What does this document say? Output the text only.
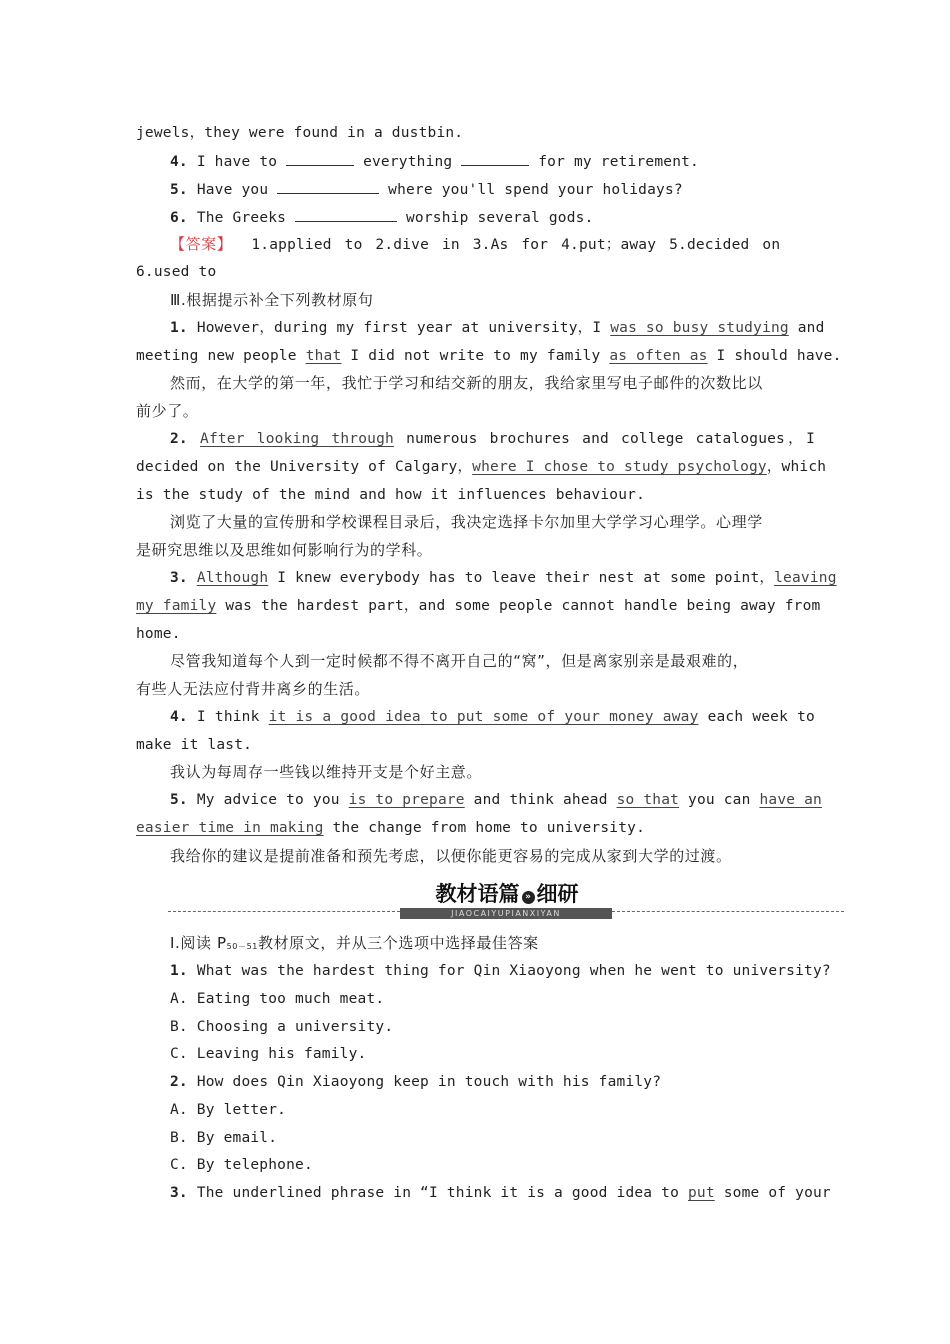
jewels，they were found in a dustbin.
4. I have to	everything	for my retirement.
5. Have you	where you'll spend your holidays?
6. The Greeks	worship several gods.
【答案】 1.applied to 2.dive in 3.As for 4.put；away 5.decided on
6.used to
Ⅲ.根据提示补全下列教材原句
1. However，during my first year at university，I was so busy studying and
meeting new people that I did not write to my family as often as I should have.
然而，在大学的第一年，我忙于学习和结交新的朋友，我给家里写电子邮件的次数比以
前少了。
2. After looking through numerous brochures and college catalogues，I
decided on the University of Calgary，where I chose to study psychology，which
is the study of the mind and how it influences behaviour.
浏览了大量的宣传册和学校课程目录后，我决定选择卡尔加里大学学习心理学。心理学
是研究思维以及思维如何影响行为的学科。
3. Although I knew everybody has to leave their nest at some point，leaving
my family was the hardest part，and some people cannot handle being away from
home.
尽管我知道每个人到一定时候都不得不离开自己的“窝”，但是离家别亲是最艰难的，
有些人无法应付背井离乡的生活。
4. I think it is a good idea to put some of your money away each week to
make it last.
我认为每周存一些钱以维持开支是个好主意。
5. My advice to you is to prepare and think ahead so that you can have an
easier time in making the change from home to university.
我给你的建议是提前准备和预先考虑，以便你能更容易的完成从家到大学的过渡。
教材语篇 » 细研
JIAOCAIYUPIANXIYAN
Ⅰ.阅读 $P_{50-51}$教材原文，并从三个选项中选择最佳答案
1. What was the hardest thing for Qin Xiaoyong when he went to university?
A. Eating too much meat.
B. Choosing a university.
C. Leaving his family.
2. How does Qin Xiaoyong keep in touch with his family?
A. By letter.
B. By email.
C. By telephone.
3. The underlined phrase in “I think it is a good idea to put some of your
